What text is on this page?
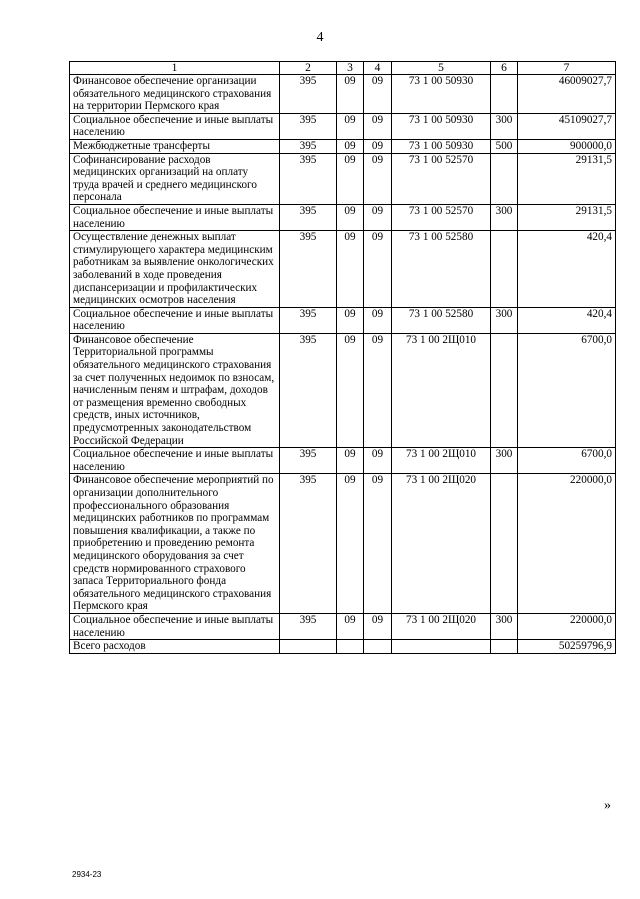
4
1	2	3	4	5	6	7
Финансовое обеспечение организации обязательного медицинского страхования на территории Пермского края	395	09	09	73 1 00 50930		46009027,7
Социальное обеспечение и иные выплаты населению	395	09	09	73 1 00 50930	300	45109027,7
Межбюджетные трансферты	395	09	09	73 1 00 50930	500	900000,0
Софинансирование расходов медицинских организаций на оплату труда врачей и среднего медицинского персонала	395	09	09	73 1 00 52570		29131,5
Социальное обеспечение и иные выплаты населению	395	09	09	73 1 00 52570	300	29131,5
Осуществление денежных выплат стимулирующего характера медицинским работникам за выявление онкологических заболеваний в ходе проведения диспансеризации и профилактических медицинских осмотров населения	395	09	09	73 1 00 52580		420,4
Социальное обеспечение и иные выплаты населению	395	09	09	73 1 00 52580	300	420,4
Финансовое обеспечение Территориальной программы обязательного медицинского страхования за счет полученных недоимок по взносам, начисленным пеням и штрафам, доходов от размещения временно свободных средств, иных источников, предусмотренных законодательством Российской Федерации	395	09	09	73 1 00 2Щ010		6700,0
Социальное обеспечение и иные выплаты населению	395	09	09	73 1 00 2Щ010	300	6700,0
Финансовое обеспечение мероприятий по организации дополнительного профессионального образования медицинских работников по программам повышения квалификации, а также по приобретению и проведению ремонта медицинского оборудования за счет средств нормированного страхового запаса Территориального фонда обязательного медицинского страхования Пермского края	395	09	09	73 1 00 2Щ020		220000,0
Социальное обеспечение и иные выплаты населению	395	09	09	73 1 00 2Щ020	300	220000,0
Всего расходов						50259796,9
»
2934-23
